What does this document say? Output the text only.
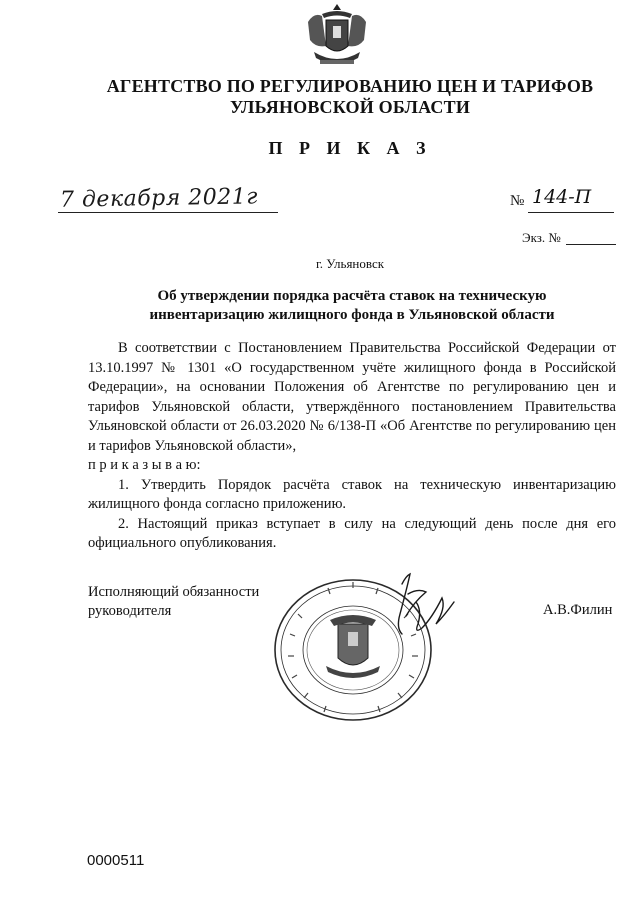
АГЕНТСТВО ПО РЕГУЛИРОВАНИЮ ЦЕН И ТАРИФОВ
УЛЬЯНОВСКОЙ ОБЛАСТИ
П Р И К А З
7 декабря 2021г	№ 144-П
Экз. №
г. Ульяновск
Об утверждении порядка расчёта ставок на техническую
инвентаризацию жилищного фонда в Ульяновской области

В соответствии с Постановлением Правительства Российской Федерации от 13.10.1997 № 1301 «О государственном учёте жилищного фонда в Российской Федерации», на основании Положения об Агентстве по регулированию цен и тарифов Ульяновской области, утверждённого постановлением Правительства Ульяновской области от 26.03.2020 № 6/138-П «Об Агентстве по регулированию цен и тарифов Ульяновской области»,

п р и к а з ы в а ю:

1. Утвердить Порядок расчёта ставок на техническую инвентаризацию жилищного фонда согласно приложению.

2. Настоящий приказ вступает в силу на следующий день после дня его официального опубликования.

Исполняющий обязанности
руководителя	А.В.Филин
0000511
